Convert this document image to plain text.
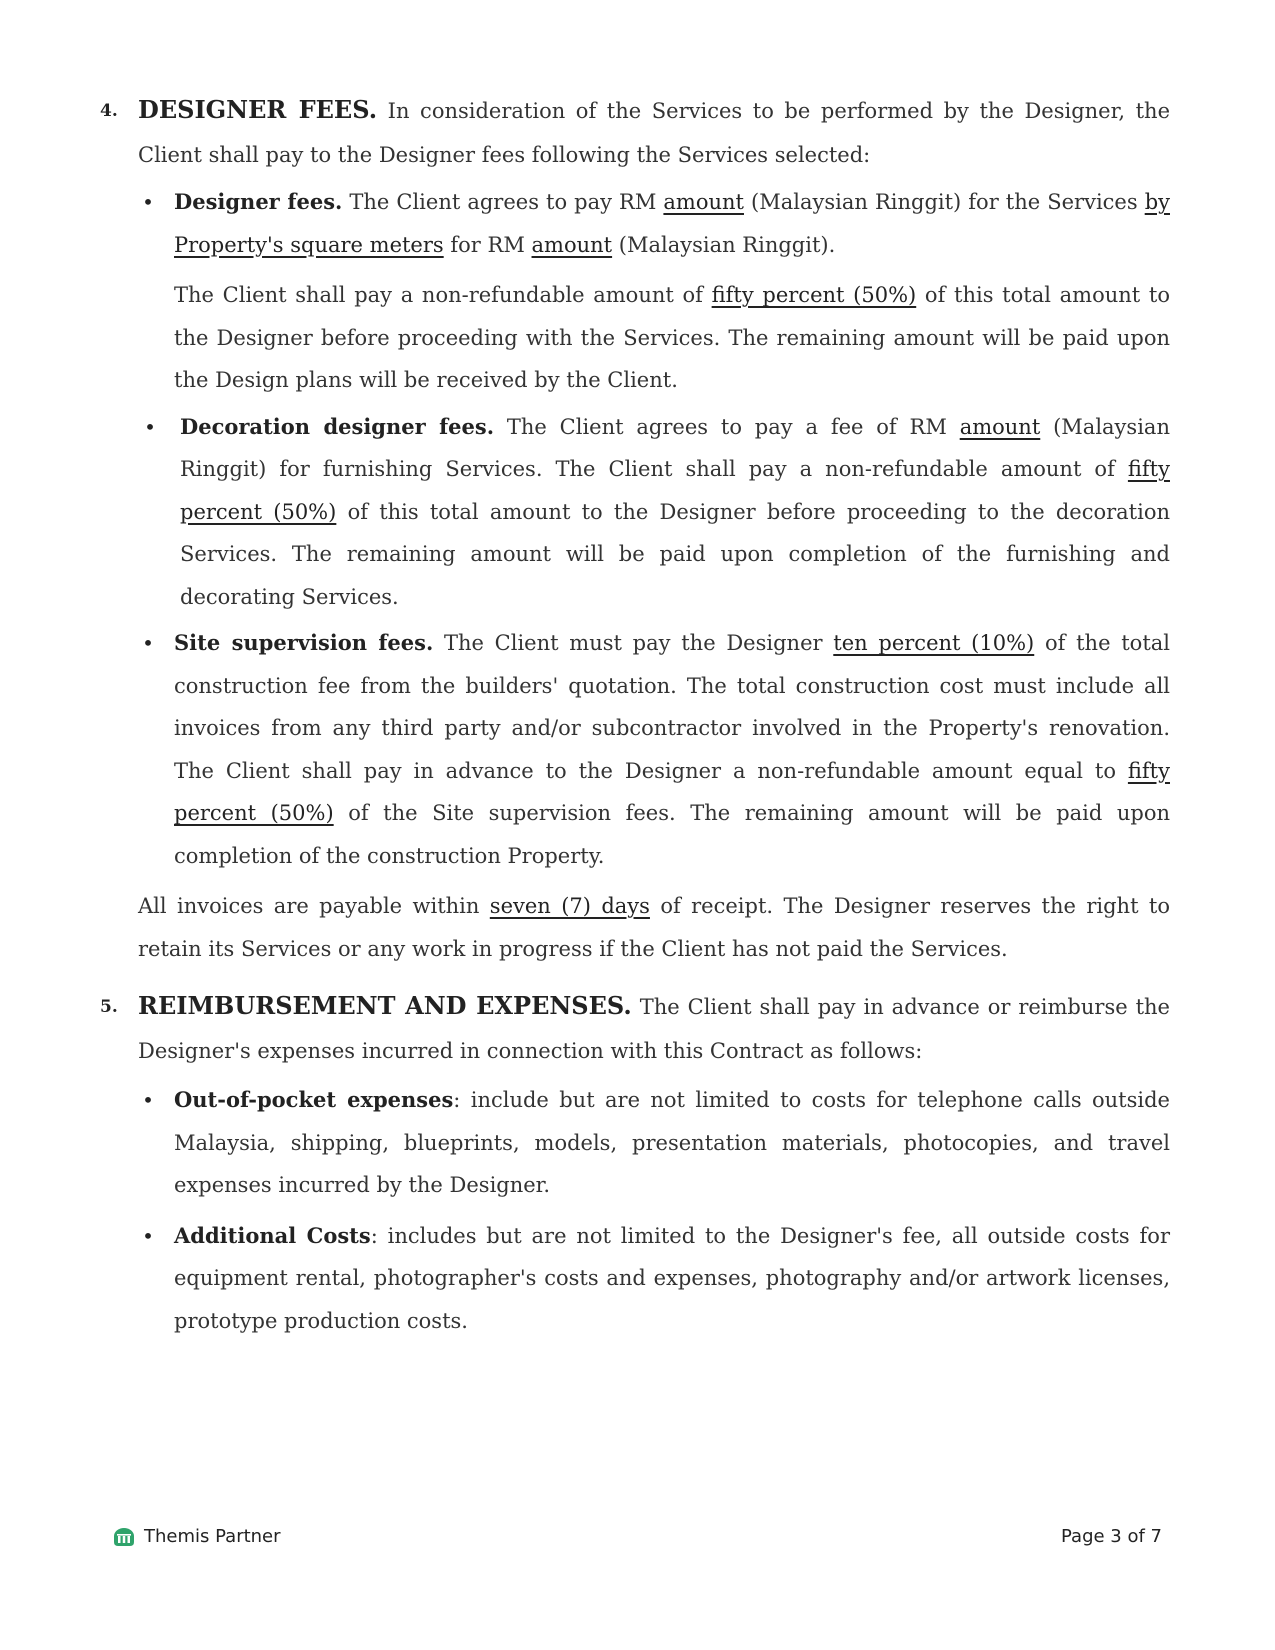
4. DESIGNER FEES. In consideration of the Services to be performed by the Designer, the Client shall pay to the Designer fees following the Services selected:
• Designer fees. The Client agrees to pay RM amount (Malaysian Ringgit) for the Services by Property's square meters for RM amount (Malaysian Ringgit).
The Client shall pay a non-refundable amount of fifty percent (50%) of this total amount to the Designer before proceeding with the Services. The remaining amount will be paid upon the Design plans will be received by the Client.
• Decoration designer fees. The Client agrees to pay a fee of RM amount (Malaysian Ringgit) for furnishing Services. The Client shall pay a non-refundable amount of fifty percent (50%) of this total amount to the Designer before proceeding to the decoration Services. The remaining amount will be paid upon completion of the furnishing and decorating Services.
• Site supervision fees. The Client must pay the Designer ten percent (10%) of the total construction fee from the builders' quotation. The total construction cost must include all invoices from any third party and/or subcontractor involved in the Property's renovation. The Client shall pay in advance to the Designer a non-refundable amount equal to fifty percent (50%) of the Site supervision fees. The remaining amount will be paid upon completion of the construction Property.
All invoices are payable within seven (7) days of receipt. The Designer reserves the right to retain its Services or any work in progress if the Client has not paid the Services.
5. REIMBURSEMENT AND EXPENSES. The Client shall pay in advance or reimburse the Designer's expenses incurred in connection with this Contract as follows:
• Out-of-pocket expenses: include but are not limited to costs for telephone calls outside Malaysia, shipping, blueprints, models, presentation materials, photocopies, and travel expenses incurred by the Designer.
• Additional Costs: includes but are not limited to the Designer's fee, all outside costs for equipment rental, photographer's costs and expenses, photography and/or artwork licenses, prototype production costs.
Themis Partner	Page 3 of 7
